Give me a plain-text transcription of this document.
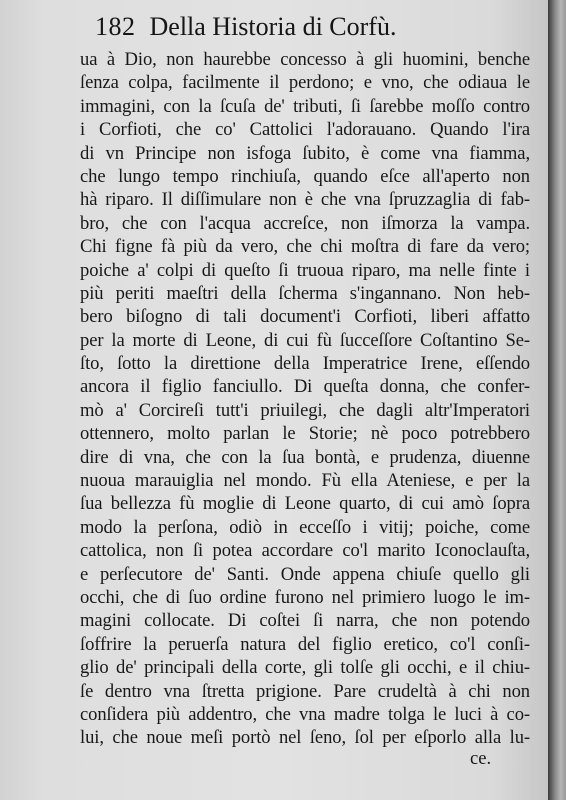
182 Della Historia di Corfù.
ua à Dio, non haurebbe concesso à gli huomini, benche
ſenza colpa, facilmente il perdono; e vno, che odiaua le
immagini, con la ſcuſa de' tributi, ſi ſarebbe moſſo contro
i Corfioti, che co' Cattolici l'adorauano. Quando l'ira
di vn Principe non isfoga ſubito, è come vna fiamma,
che lungo tempo rinchiuſa, quando eſce all'aperto non
hà riparo. Il diſſimulare non è che vna ſpruzzaglia di fab-
bro, che con l'acqua accreſce, non iſmorza la vampa.
Chi figne fà più da vero, che chi moſtra di fare da vero;
poiche a' colpi di queſto ſi truoua riparo, ma nelle finte i
più periti maeſtri della ſcherma s'ingannano. Non heb-
bero biſogno di tali document'i Corfioti, liberi affatto
per la morte di Leone, di cui fù ſucceſſore Coſtantino Se-
ſto, ſotto la direttione della Imperatrice Irene, eſſendo
ancora il figlio fanciullo. Di queſta donna, che confer-
mò a' Corcireſi tutt'i priuilegi, che dagli altr'Imperatori
ottennero, molto parlan le Storie; nè poco potrebbero
dire di vna, che con la ſua bontà, e prudenza, diuenne
nuoua marauiglia nel mondo. Fù ella Ateniese, e per la
ſua bellezza fù moglie di Leone quarto, di cui amò ſopra
modo la perſona, odiò in ecceſſo i vitij; poiche, come
cattolica, non ſi potea accordare co'l marito Iconoclauſta,
e perſecutore de' Santi. Onde appena chiuſe quello gli
occhi, che di ſuo ordine furono nel primiero luogo le im-
magini collocate. Di coſtei ſi narra, che non potendo
ſoffrire la peruerſa natura del figlio eretico, co'l conſi-
glio de' principali della corte, gli tolſe gli occhi, e il chiu-
ſe dentro vna ſtretta prigione. Pare crudeltà à chi non
conſidera più addentro, che vna madre tolga le luci à co-
lui, che noue meſi portò nel ſeno, ſol per eſporlo alla lu-
ce.
